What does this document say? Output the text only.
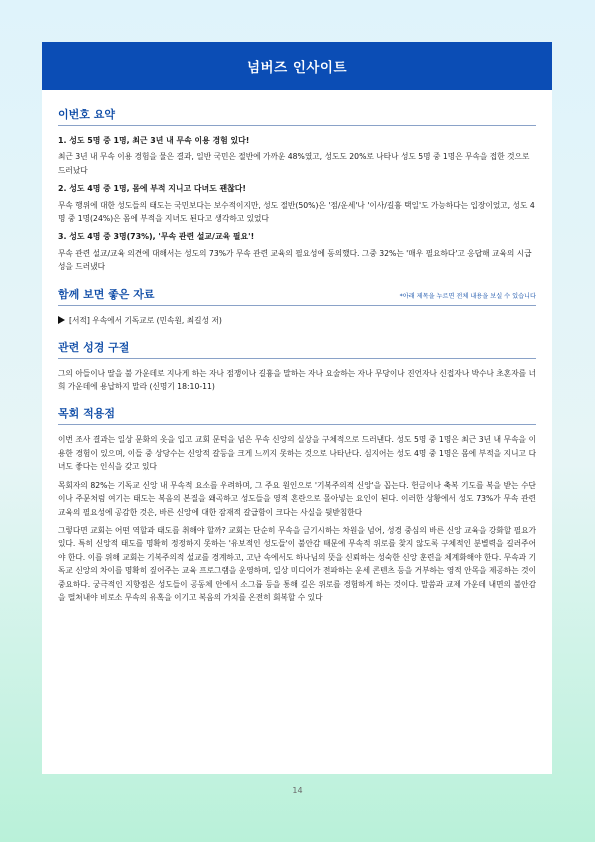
넘버즈 인사이트
이번호 요약

1. 성도 5명 중 1명, 최근 3년 내 무속 이용 경험 있다!

최근 3년 내 무속 이용 경험을 물은 결과, 일반 국민은 절반에 가까운 48%였고, 성도도 20%로 나타나 성도 5명 중 1명은 무속을 접한 것으로 드러났다

2. 성도 4명 중 1명, 몸에 부적 지니고 다녀도 괜찮다!

무속 행위에 대한 성도들의 태도는 국민보다는 보수적이지만, 성도 절반(50%)은 '점/운세'나 '이사/길흉 택일'도 가능하다는 입장이었고, 성도 4명 중 1명(24%)은 몸에 부적을 지녀도 된다고 생각하고 있었다

3. 성도 4명 중 3명(73%), '무속 관련 설교/교육 필요'!

무속 관련 설교/교육 의견에 대해서는 성도의 73%가 무속 관련 교육의 필요성에 동의했다. 그중 32%는 '매우 필요하다'고 응답해 교육의 시급성을 드러냈다

함께 보면 좋은 자료	*아래 제목을 누르면 전체 내용을 보실 수 있습니다
[서적] 우속에서 기독교로 (민속원, 최길성 저)
관련 성경 구절

그의 아들이나 딸을 불 가운데로 지나게 하는 자나 점쟁이나 길흉을 말하는 자나 요술하는 자나 무당이나 진언자나 신접자나 박수나 초혼자를 너희 가운데에 용납하지 말라 (신명기 18:10-11)

목회 적용점

이번 조사 결과는 일상 문화의 옷을 입고 교회 문턱을 넘은 무속 신앙의 실상을 구체적으로 드러낸다. 성도 5명 중 1명은 최근 3년 내 무속을 이용한 경험이 있으며, 이들 중 상당수는 신앙적 갈등을 크게 느끼지 못하는 것으로 나타난다. 심지어는 성도 4명 중 1명은 몸에 부적을 지니고 다녀도 좋다는 인식을 갖고 있다

목회자의 82%는 기독교 신앙 내 무속적 요소를 우려하며, 그 주요 원인으로 '기복주의적 신앙'을 꼽는다. 헌금이나 축복 기도를 복을 받는 수단이나 주문처럼 여기는 태도는 복음의 본질을 왜곡하고 성도들을 영적 혼란으로 몰아넣는 요인이 된다. 이러한 상황에서 성도 73%가 무속 관련 교육의 필요성에 공감한 것은, 바른 신앙에 대한 잠재적 갈급함이 크다는 사실을 뒷받침한다

그렇다면 교회는 어떤 역할과 태도를 취해야 할까? 교회는 단순히 무속을 금기시하는 차원을 넘어, 성경 중심의 바른 신앙 교육을 강화할 필요가 있다. 특히 신앙적 태도를 명확히 정정하지 못하는 '유보적인 성도들'이 불안감 때문에 무속적 위로를 찾지 않도록 구체적인 분별력을 길러주어야 한다. 이를 위해 교회는 기복주의적 설교를 경계하고, 고난 속에서도 하나님의 뜻을 신뢰하는 성숙한 신앙 훈련을 체계화해야 한다. 무속과 기독교 신앙의 차이를 명확히 짚어주는 교육 프로그램을 운영하며, 일상 미디어가 전파하는 운세 콘텐츠 등을 거부하는 영적 안목을 제공하는 것이 중요하다. 궁극적인 지향점은 성도들이 공동체 안에서 소그룹 등을 통해 깊은 위로를 경험하게 하는 것이다. 말씀과 교제 가운데 내면의 불안감을 떨쳐내야 비로소 무속의 유혹을 이기고 복음의 가치를 온전히 회복할 수 있다

14
